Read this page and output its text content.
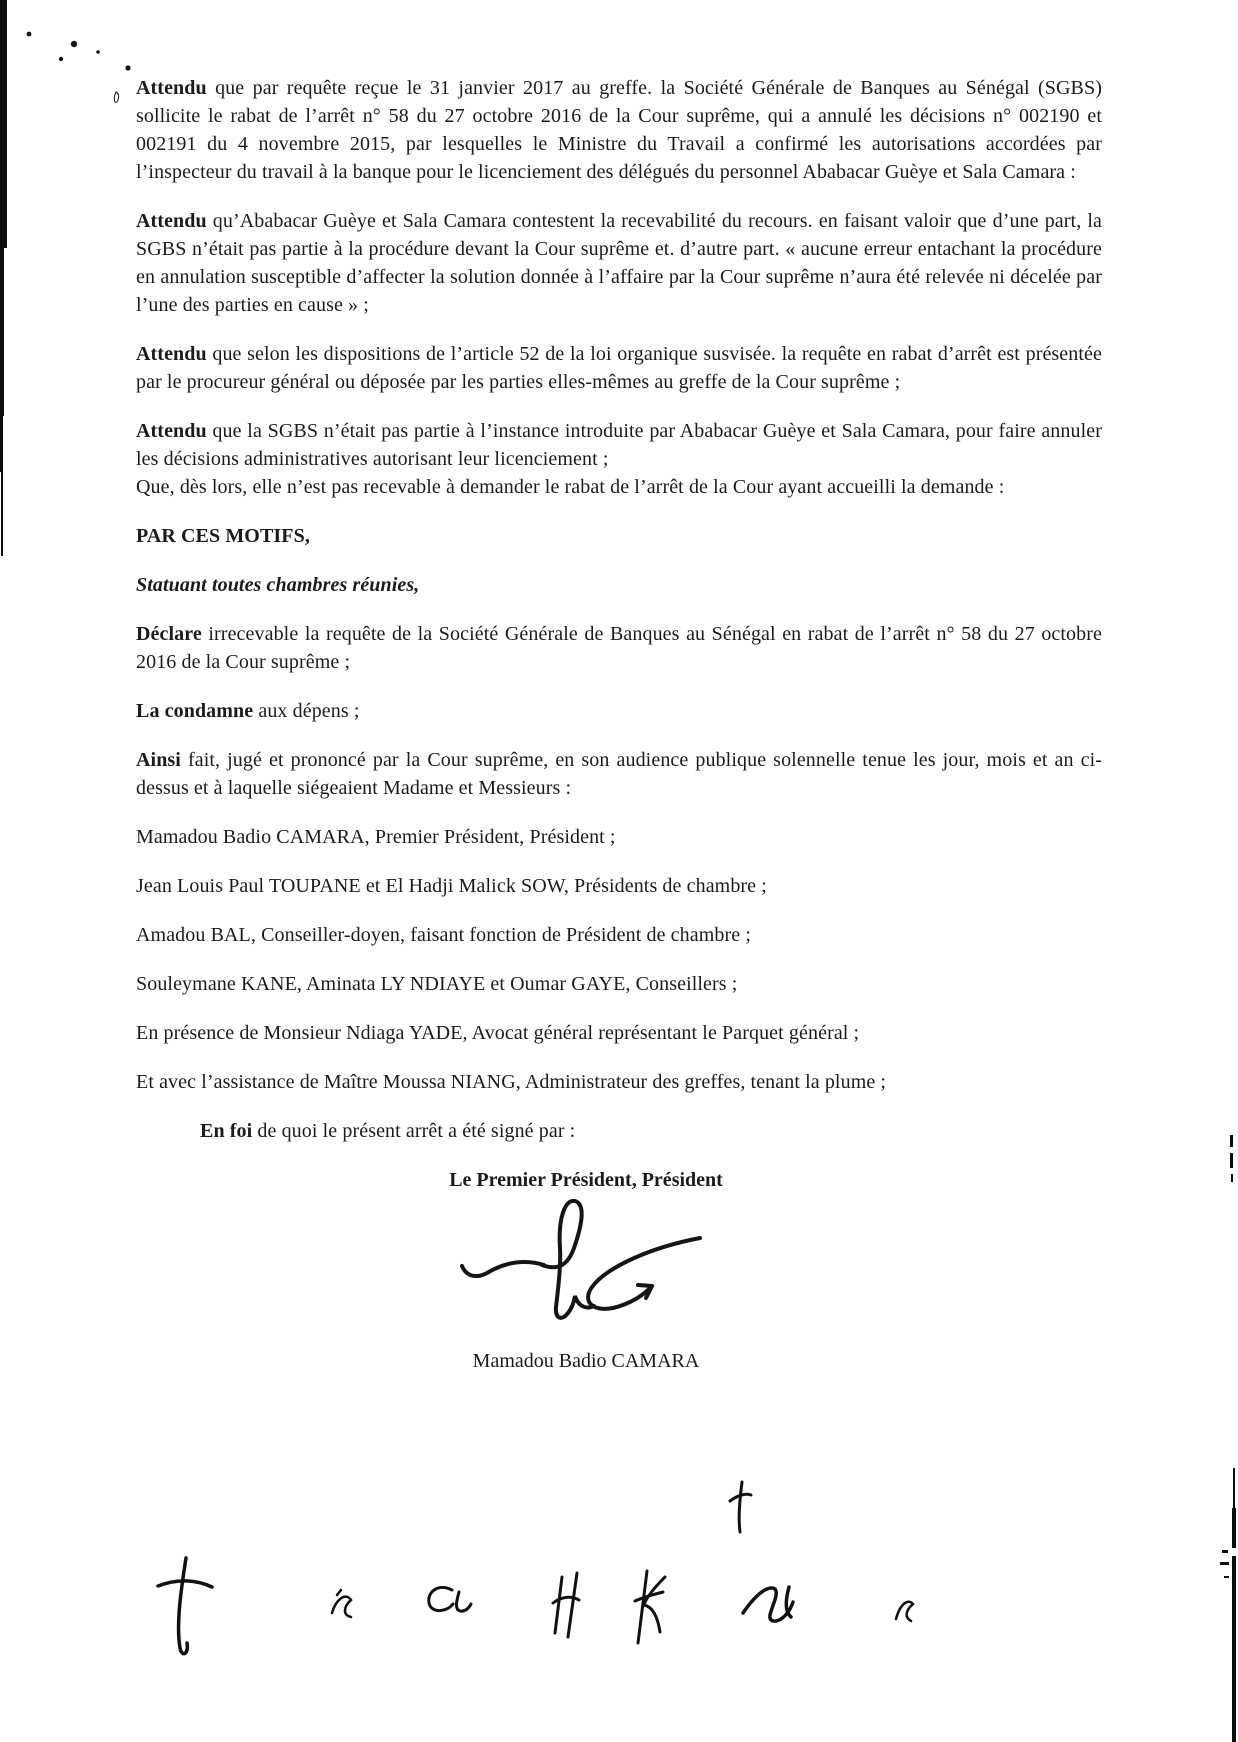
Attendu que par requête reçue le 31 janvier 2017 au greffe. la Société Générale de Banques au Sénégal (SGBS) sollicite le rabat de l’arrêt n° 58 du 27 octobre 2016 de la Cour suprême, qui a annulé les décisions n° 002190 et 002191 du 4 novembre 2015, par lesquelles le Ministre du Travail a confirmé les autorisations accordées par l’inspecteur du travail à la banque pour le licenciement des délégués du personnel Ababacar Guèye et Sala Camara :

Attendu qu’Ababacar Guèye et Sala Camara contestent la recevabilité du recours. en faisant valoir que d’une part, la SGBS n’était pas partie à la procédure devant la Cour suprême et. d’autre part. « aucune erreur entachant la procédure en annulation susceptible d’affecter la solution donnée à l’affaire par la Cour suprême n’aura été relevée ni décelée par l’une des parties en cause » ;

Attendu que selon les dispositions de l’article 52 de la loi organique susvisée. la requête en rabat d’arrêt est présentée par le procureur général ou déposée par les parties elles-mêmes au greffe de la Cour suprême ;

Attendu que la SGBS n’était pas partie à l’instance introduite par Ababacar Guèye et Sala Camara, pour faire annuler les décisions administratives autorisant leur licenciement ;

Que, dès lors, elle n’est pas recevable à demander le rabat de l’arrêt de la Cour ayant accueilli la demande :

PAR CES MOTIFS,

Statuant toutes chambres réunies,

Déclare irrecevable la requête de la Société Générale de Banques au Sénégal en rabat de l’arrêt n° 58 du 27 octobre 2016 de la Cour suprême ;

La condamne aux dépens ;

Ainsi fait, jugé et prononcé par la Cour suprême, en son audience publique solennelle tenue les jour, mois et an ci-dessus et à laquelle siégeaient Madame et Messieurs :

Mamadou Badio CAMARA, Premier Président, Président ;

Jean Louis Paul TOUPANE et El Hadji Malick SOW, Présidents de chambre ;

Amadou BAL, Conseiller-doyen, faisant fonction de Président de chambre ;

Souleymane KANE, Aminata LY NDIAYE et Oumar GAYE, Conseillers ;

En présence de Monsieur Ndiaga YADE, Avocat général représentant le Parquet général ;

Et avec l’assistance de Maître Moussa NIANG, Administrateur des greffes, tenant la plume ;

En foi de quoi le présent arrêt a été signé par :

Le Premier Président, Président
Mamadou Badio CAMARA
